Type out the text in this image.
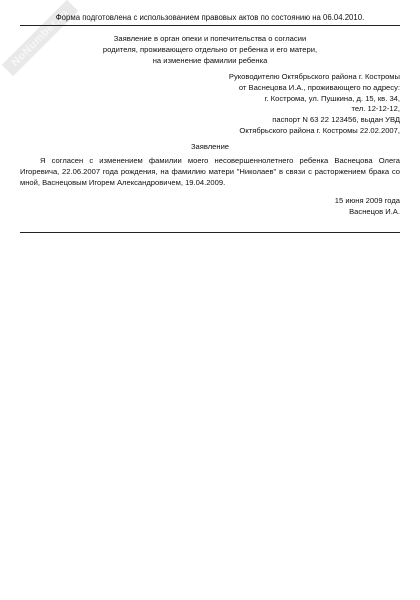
NoNumber.ru
Форма подготовлена с использованием правовых актов по состоянию на 06.04.2010.
Заявление в орган опеки и попечительства о согласии
родителя, проживающего отдельно от ребенка и его матери,
на изменение фамилии ребенка
Руководителю Октябрьского района г. Костромы
от Васнецова И.А., проживающего по адресу:
г. Кострома, ул. Пушкина, д. 15, кв. 34,
тел. 12-12-12,
паспорт N 63 22 123456, выдан УВД
Октябрьского района г. Костромы 22.02.2007,
Заявление
Я согласен с изменением фамилии моего несовершеннолетнего ребенка Васнецова Олега Игоревича, 22.06.2007 года рождения, на фамилию матери "Николаев" в связи с расторжением брака со мной, Васнецовым Игорем Александровичем, 19.04.2009.
15 июня 2009 года
Васнецов И.А.
